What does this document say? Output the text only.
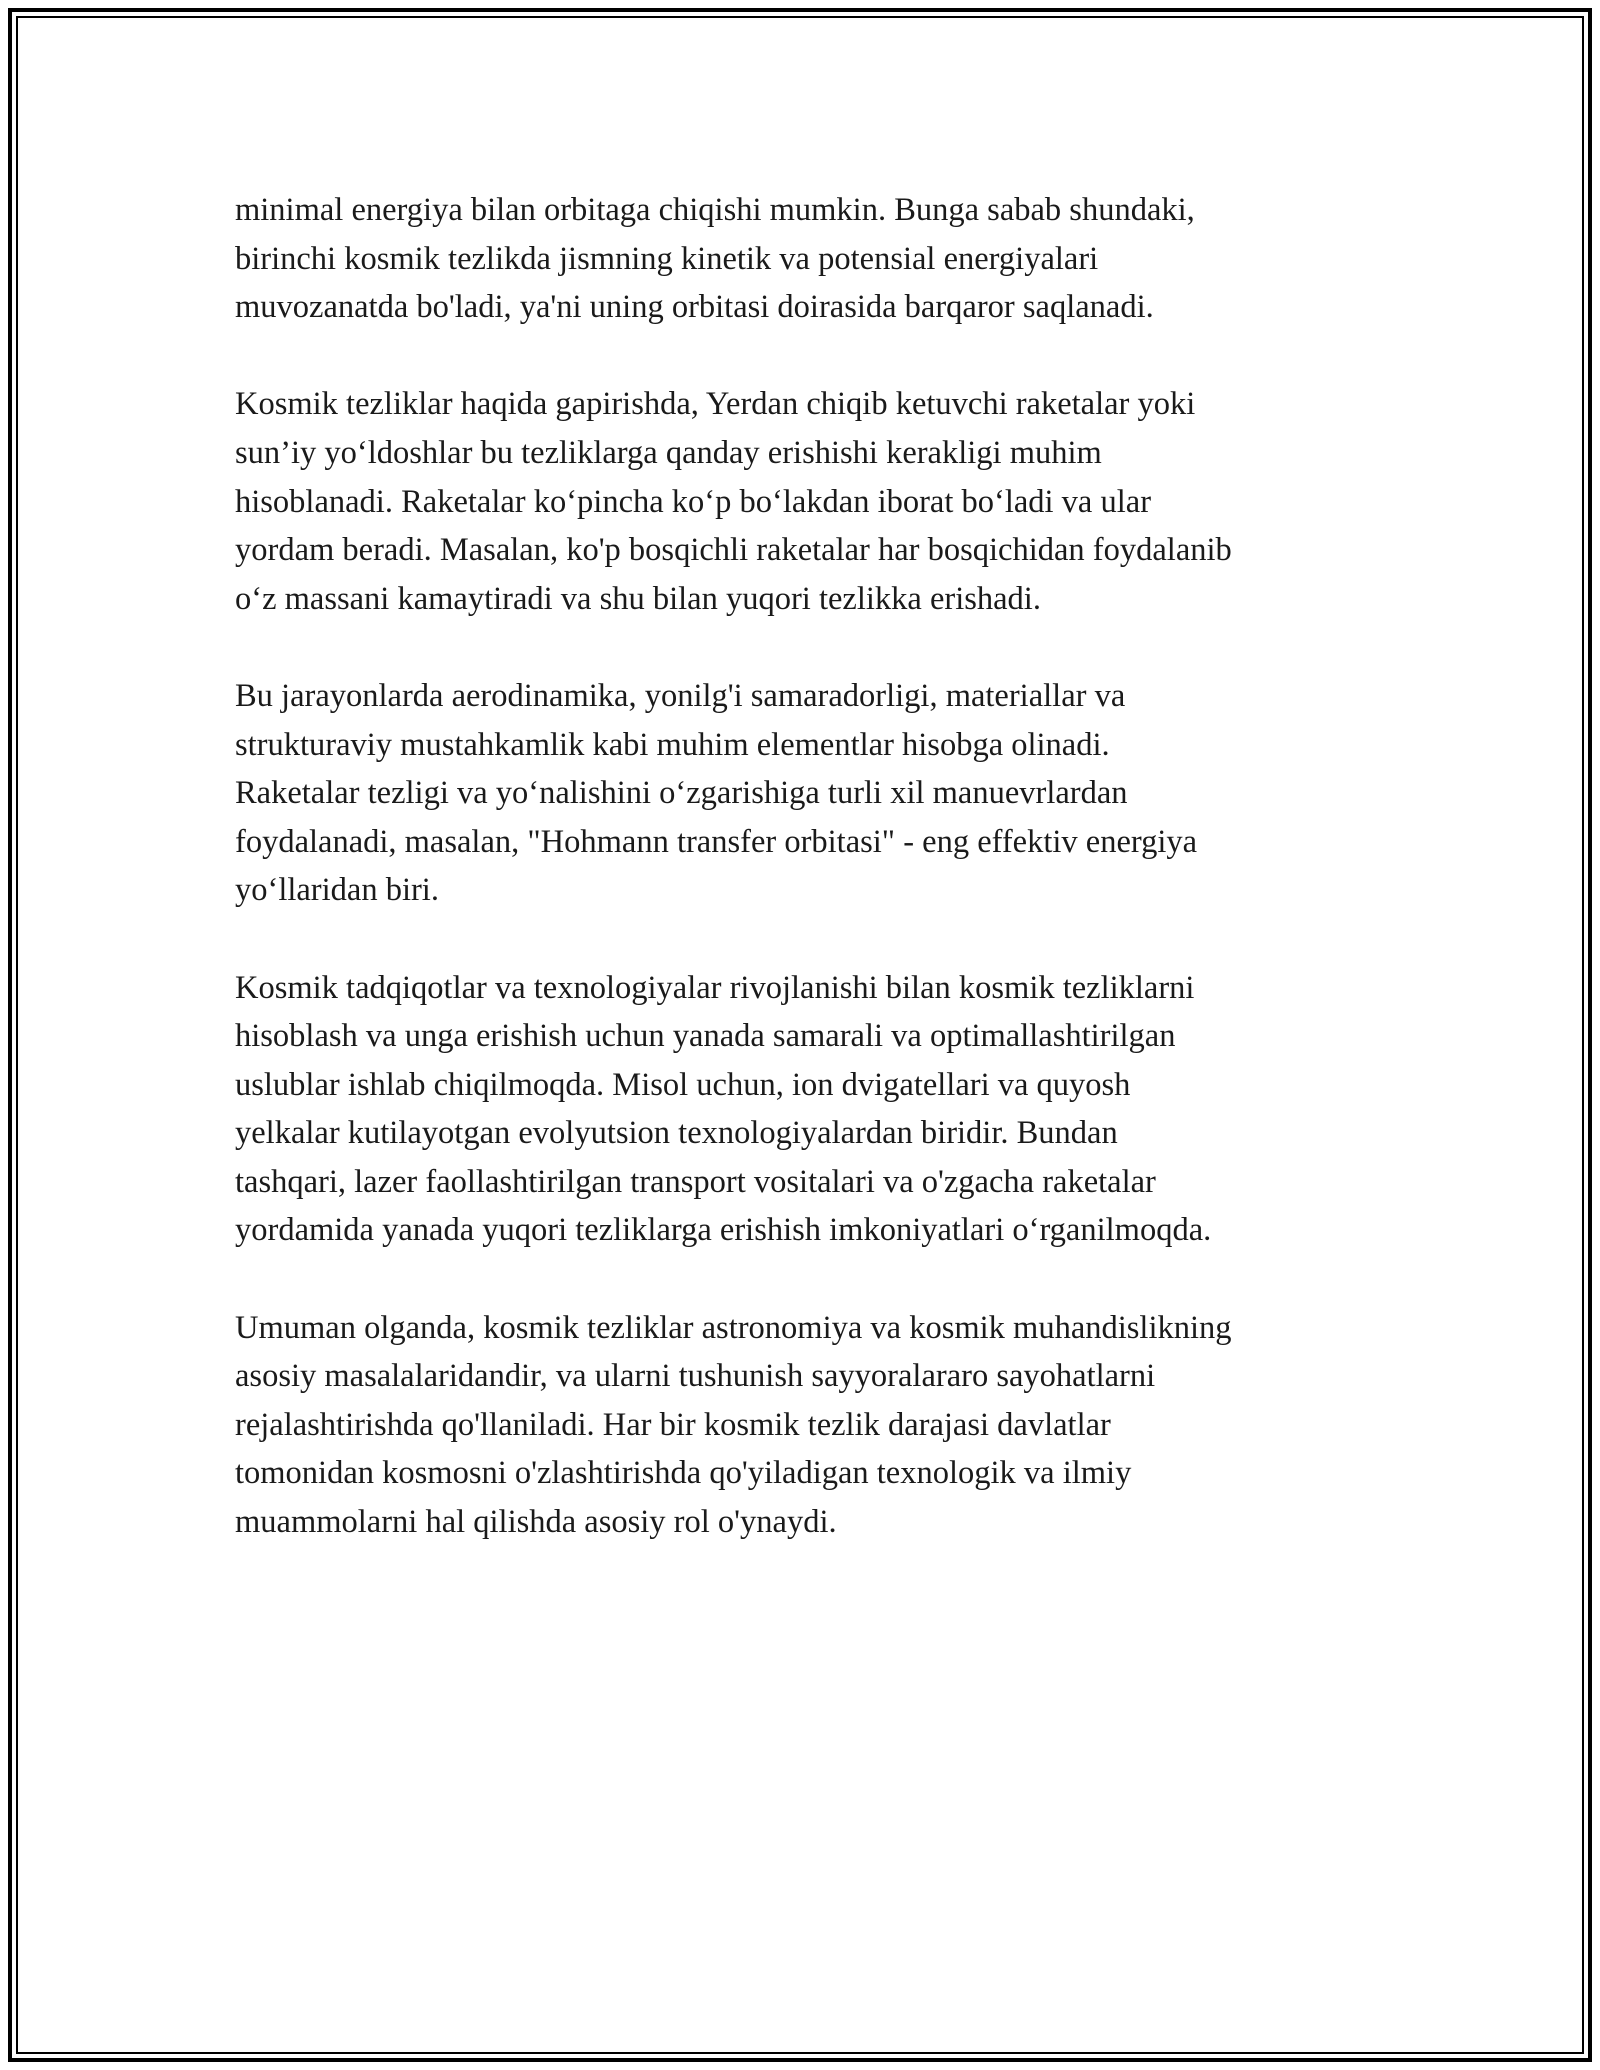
minimal energiya bilan orbitaga chiqishi mumkin. Bunga sabab shundaki,
birinchi kosmik tezlikda jismning kinetik va potensial energiyalari
muvozanatda bo'ladi, ya'ni uning orbitasi doirasida barqaror saqlanadi.

Kosmik tezliklar haqida gapirishda, Yerdan chiqib ketuvchi raketalar yoki
sun’iy yo‘ldoshlar bu tezliklarga qanday erishishi kerakligi muhim
hisoblanadi. Raketalar ko‘pincha ko‘p bo‘lakdan iborat bo‘ladi va ular
yordam beradi. Masalan, ko'p bosqichli raketalar har bosqichidan foydalanib
o‘z massani kamaytiradi va shu bilan yuqori tezlikka erishadi.

Bu jarayonlarda aerodinamika, yonilg'i samaradorligi, materiallar va
strukturaviy mustahkamlik kabi muhim elementlar hisobga olinadi.
Raketalar tezligi va yo‘nalishini o‘zgarishiga turli xil manuevrlardan
foydalanadi, masalan, "Hohmann transfer orbitasi" - eng effektiv energiya
yo‘llaridan biri.

Kosmik tadqiqotlar va texnologiyalar rivojlanishi bilan kosmik tezliklarni
hisoblash va unga erishish uchun yanada samarali va optimallashtirilgan
uslublar ishlab chiqilmoqda. Misol uchun, ion dvigatellari va quyosh
yelkalar kutilayotgan evolyutsion texnologiyalardan biridir. Bundan
tashqari, lazer faollashtirilgan transport vositalari va o'zgacha raketalar
yordamida yanada yuqori tezliklarga erishish imkoniyatlari o‘rganilmoqda.

Umuman olganda, kosmik tezliklar astronomiya va kosmik muhandislikning
asosiy masalalaridandir, va ularni tushunish sayyoralararo sayohatlarni
rejalashtirishda qo'llaniladi. Har bir kosmik tezlik darajasi davlatlar
tomonidan kosmosni o'zlashtirishda qo'yiladigan texnologik va ilmiy
muammolarni hal qilishda asosiy rol o'ynaydi.
